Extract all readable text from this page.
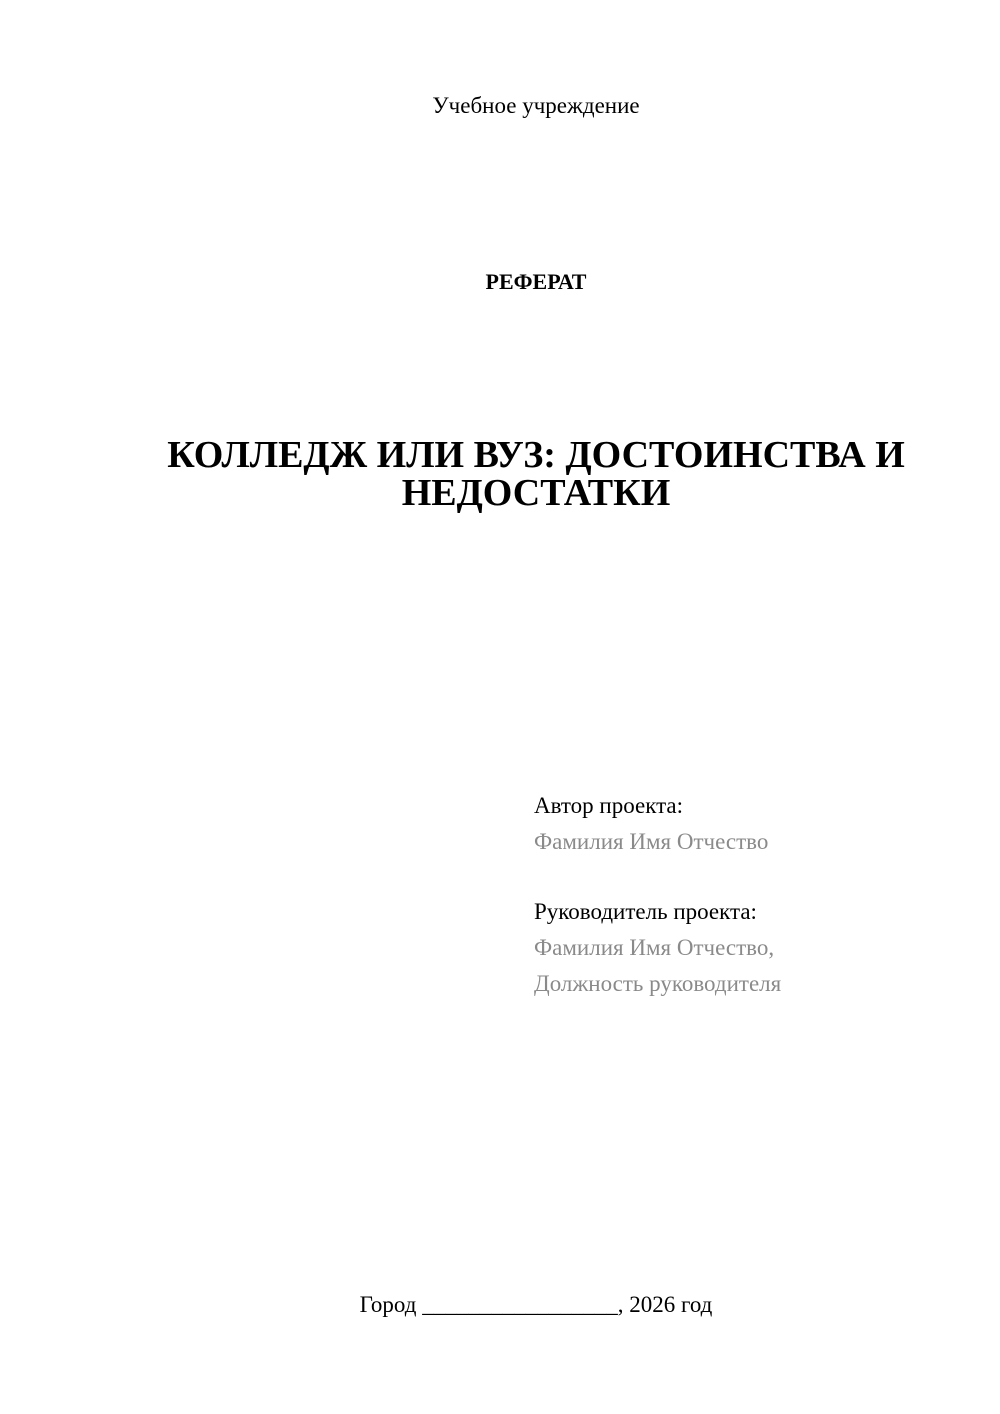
Учебное учреждение
РЕФЕРАТ
КОЛЛЕДЖ ИЛИ ВУЗ: ДОСТОИНСТВА И
НЕДОСТАТКИ
Автор проекта:
Фамилия Имя Отчество
Руководитель проекта:
Фамилия Имя Отчество,
Должность руководителя
Город _________________, 2026 год
